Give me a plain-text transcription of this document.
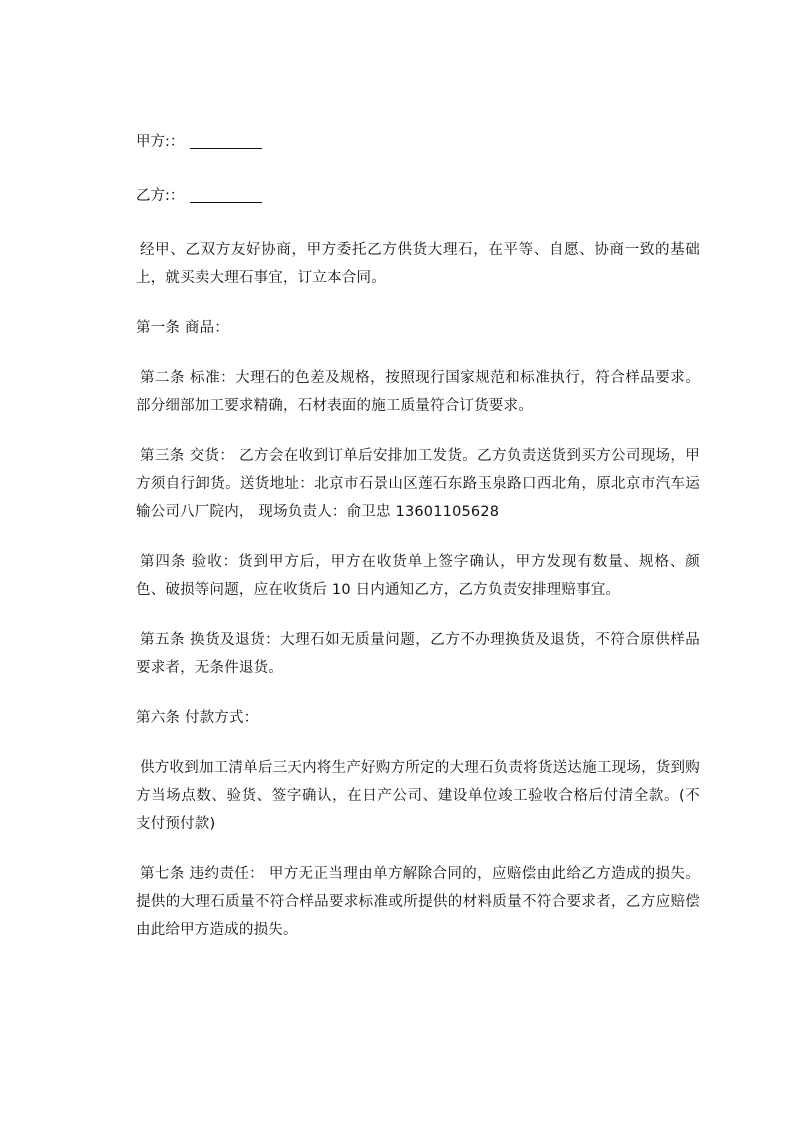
甲方:：
乙方:：

经甲、乙双方友好协商，甲方委托乙方供货大理石，在平等、自愿、协商一致的基础上，就买卖大理石事宜，订立本合同。

第一条 商品：

第二条 标准：大理石的色差及规格，按照现行国家规范和标准执行，符合样品要求。 部分细部加工要求精确，石材表面的施工质量符合订货要求。

第三条 交货： 乙方会在收到订单后安排加工发货。乙方负责送货到买方公司现场，甲方须自行卸货。送货地址：北京市石景山区莲石东路玉泉路口西北角，原北京市汽车运输公司八厂院内， 现场负责人：俞卫忠 13601105628

第四条 验收：货到甲方后，甲方在收货单上签字确认，甲方发现有数量、规格、颜色、破损等问题，应在收货后 10 日内通知乙方，乙方负责安排理赔事宜。

第五条 换货及退货：大理石如无质量问题，乙方不办理换货及退货，不符合原供样品要求者，无条件退货。

第六条 付款方式：

供方收到加工清单后三天内将生产好购方所定的大理石负责将货送达施工现场，货到购方当场点数、验货、签字确认，在日产公司、建设单位竣工验收合格后付清全款。(不支付预付款)

第七条 违约责任： 甲方无正当理由单方解除合同的，应赔偿由此给乙方造成的损失。提供的大理石质量不符合样品要求标准或所提供的材料质量不符合要求者，乙方应赔偿由此给甲方造成的损失。
